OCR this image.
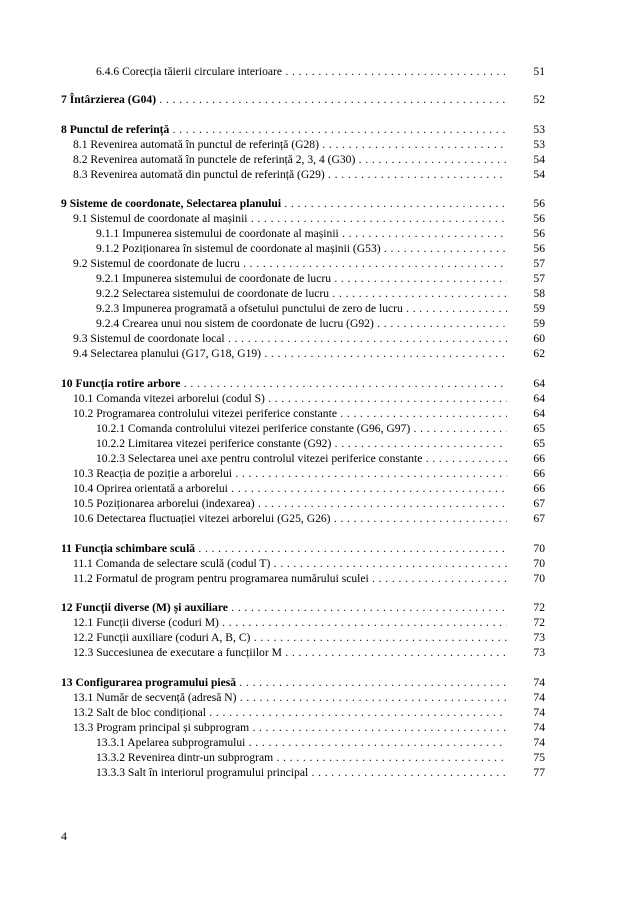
6.4.6 Corecția tăierii circulare interioare . . .	51
7 Întârzierea (G04) . . .	52
8 Punctul de referință . . .	53
8.1 Revenirea automată în punctul de referință (G28) . . .	53
8.2 Revenirea automată în punctele de referință 2, 3, 4 (G30) . . .	54
8.3 Revenirea automată din punctul de referință (G29) . . .	54
9 Sisteme de coordonate, Selectarea planului . . .	56
9.1 Sistemul de coordonate al mașinii . . .	56
9.1.1 Impunerea sistemului de coordonate al mașinii . . .	56
9.1.2 Poziționarea în sistemul de coordonate al mașinii (G53) . . .	56
9.2 Sistemul de coordonate de lucru . . .	57
9.2.1 Impunerea sistemului de coordonate de lucru . . .	57
9.2.2 Selectarea sistemului de coordonate de lucru . . .	58
9.2.3 Impunerea programată a ofsetului punctului de zero de lucru . . .	59
9.2.4 Crearea unui nou sistem de coordonate de lucru (G92) . . .	59
9.3 Sistemul de coordonate local . . .	60
9.4 Selectarea planului (G17, G18, G19) . . .	62
10 Funcția rotire arbore . . .	64
10.1 Comanda vitezei arborelui (codul S) . . .	64
10.2 Programarea controlului vitezei periferice constante . . .	64
10.2.1 Comanda controlului vitezei periferice constante (G96, G97) . . .	65
10.2.2 Limitarea vitezei periferice constante (G92) . . .	65
10.2.3 Selectarea unei axe pentru controlul vitezei periferice constante . . .	66
10.3 Reacția de poziție a arborelui . . .	66
10.4 Oprirea orientată a arborelui . . .	66
10.5 Poziționarea arborelui (indexarea) . . .	67
10.6 Detectarea fluctuației vitezei arborelui (G25, G26) . . .	67
11 Funcția schimbare sculă . . .	70
11.1 Comanda de selectare sculă (codul T) . . .	70
11.2 Formatul de program pentru programarea numărului sculei . . .	70
12 Funcții diverse (M) și auxiliare . . .	72
12.1 Funcții diverse (coduri M) . . .	72
12.2 Funcții auxiliare (coduri A, B, C) . . .	73
12.3 Succesiunea de executare a funcțiilor M . . .	73
13 Configurarea programului piesă . . .	74
13.1 Număr de secvență (adresă N) . . .	74
13.2 Salt de bloc condițional . . .	74
13.3 Program principal și subprogram . . .	74
13.3.1 Apelarea subprogramului . . .	74
13.3.2 Revenirea dintr-un subprogram . . .	75
13.3.3 Salt în interiorul programului principal . . .	77
4
